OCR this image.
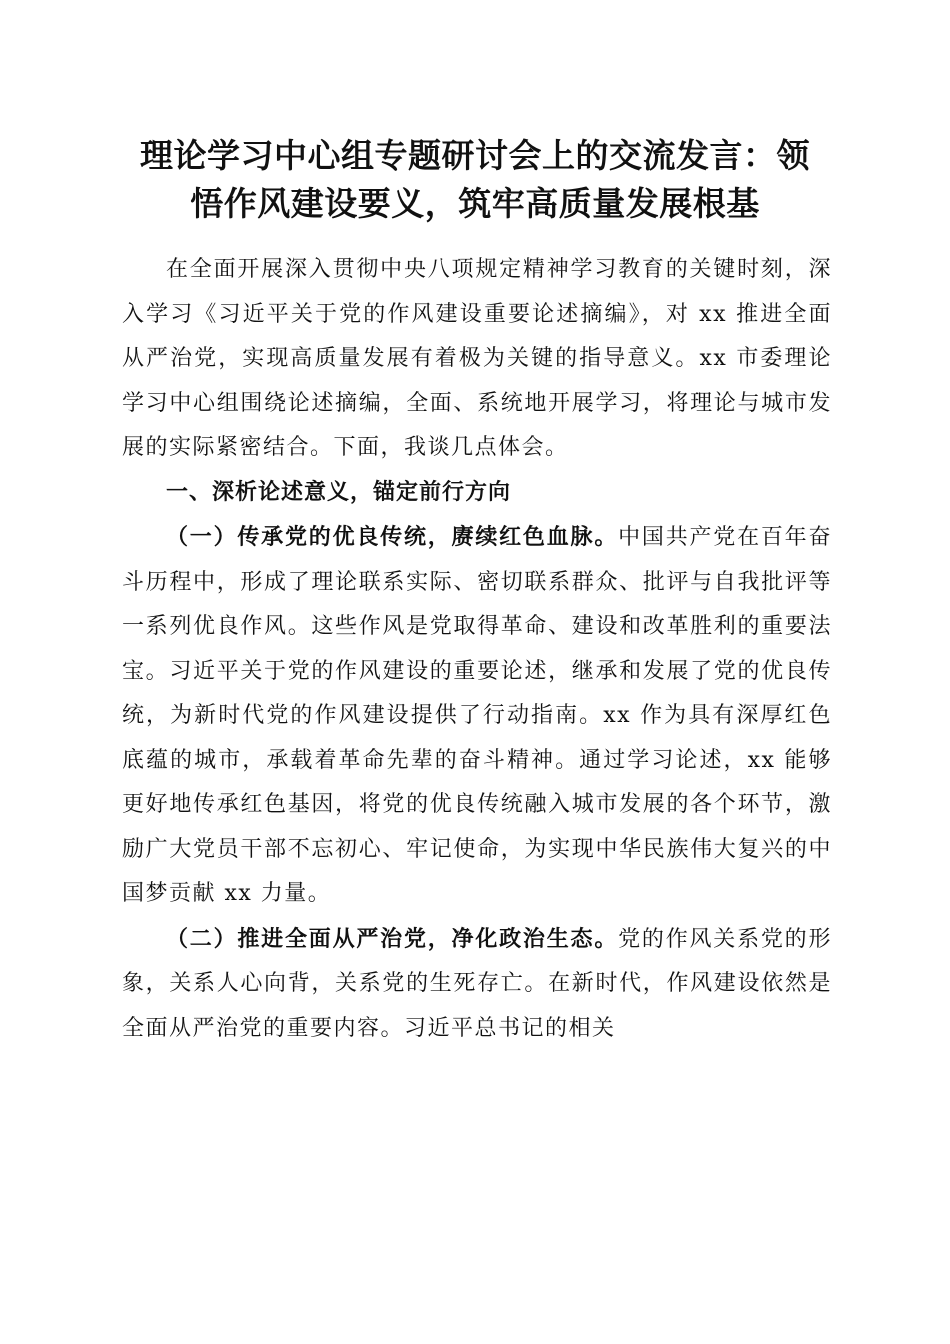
理论学习中心组专题研讨会上的交流发言：领
悟作风建设要义，筑牢高质量发展根基

在全面开展深入贯彻中央八项规定精神学习教育的关键时刻，深入学习《习近平关于党的作风建设重要论述摘编》，对 xx 推进全面从严治党，实现高质量发展有着极为关键的指导意义。xx 市委理论学习中心组围绕论述摘编，全面、系统地开展学习，将理论与城市发展的实际紧密结合。下面，我谈几点体会。

一、深析论述意义，锚定前行方向

（一）传承党的优良传统，赓续红色血脉。中国共产党在百年奋斗历程中，形成了理论联系实际、密切联系群众、批评与自我批评等一系列优良作风。这些作风是党取得革命、建设和改革胜利的重要法宝。习近平关于党的作风建设的重要论述，继承和发展了党的优良传统，为新时代党的作风建设提供了行动指南。xx 作为具有深厚红色底蕴的城市，承载着革命先辈的奋斗精神。通过学习论述，xx 能够更好地传承红色基因，将党的优良传统融入城市发展的各个环节，激励广大党员干部不忘初心、牢记使命，为实现中华民族伟大复兴的中国梦贡献 xx 力量。

（二）推进全面从严治党，净化政治生态。党的作风关系党的形象，关系人心向背，关系党的生死存亡。在新时代，作风建设依然是全面从严治党的重要内容。习近平总书记的相关
